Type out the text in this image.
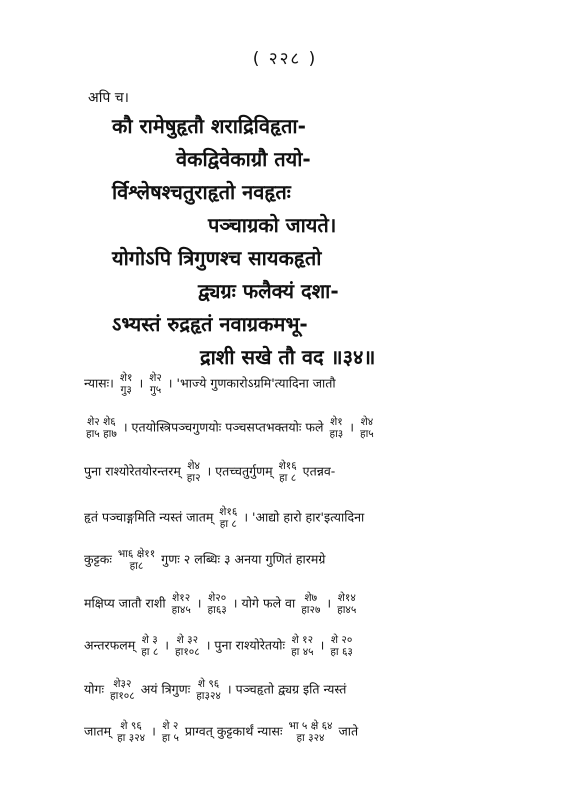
( २२८ )
अपि च।
कौ रामेषुहृतौ शराद्रिविहृता-
वेकद्विवेकाग्रौ तयो-
र्विश्लेषश्चतुराहृतो नवहृतः
पञ्चाग्रको जायते।
योगोऽपि त्रिगुणश्च सायकहृतो
द्व्यग्रः फलैक्यं दशा-
ऽभ्यस्तं रुद्रहृतं नवाग्रकमभू-
द्राशी सखे तौ वद ॥३४॥
न्यासः। शे१
गु३ । शे२
गु५ । 'भाज्ये गुणकारोऽग्रमि'त्यादिना जातौ
शे२ शे६
हा५ हा७ । एतयोस्त्रिपञ्चगुणयोः पञ्चसप्तभक्तयोः फले शे१
हा३ । शे४
हा५
पुना राश्योरेतयोरन्तरम् शे४
हा२ । एतच्चतुर्गुणम् शे१६
हा ८ एतन्नव-
हृतं पञ्चाङ्गमिति न्यस्तं जातम् शे१६
हा ८ । 'आद्यो हारो हार'इत्यादिना
कुट्टकः भा६ क्षे११
हा८ गुणः २ लब्धिः ३ अनया गुणितं हारमग्रे
मक्षिप्य जातौ राशी शे१२
हा४५ । शे२०
हा६३ । योगे फले वा शे७
हा२७ । शे१४
हा४५
अन्तरफलम् शे ३
हा ८ । शे ३२
हा१०८ । पुना राश्योरेतयोः शे १२
हा ४५ । शे २०
हा ६३
योगः शे३२
हा१०८ अयं त्रिगुणः शे ९६
हा३२४ । पञ्चहृतो द्व्यग्र इति न्यस्तं
जातम् शे ९६
हा ३२४ । शे २
हा ५ प्राग्वत् कुट्टकार्थं न्यासः भा ५ क्षे ६४
हा ३२४ जाते
